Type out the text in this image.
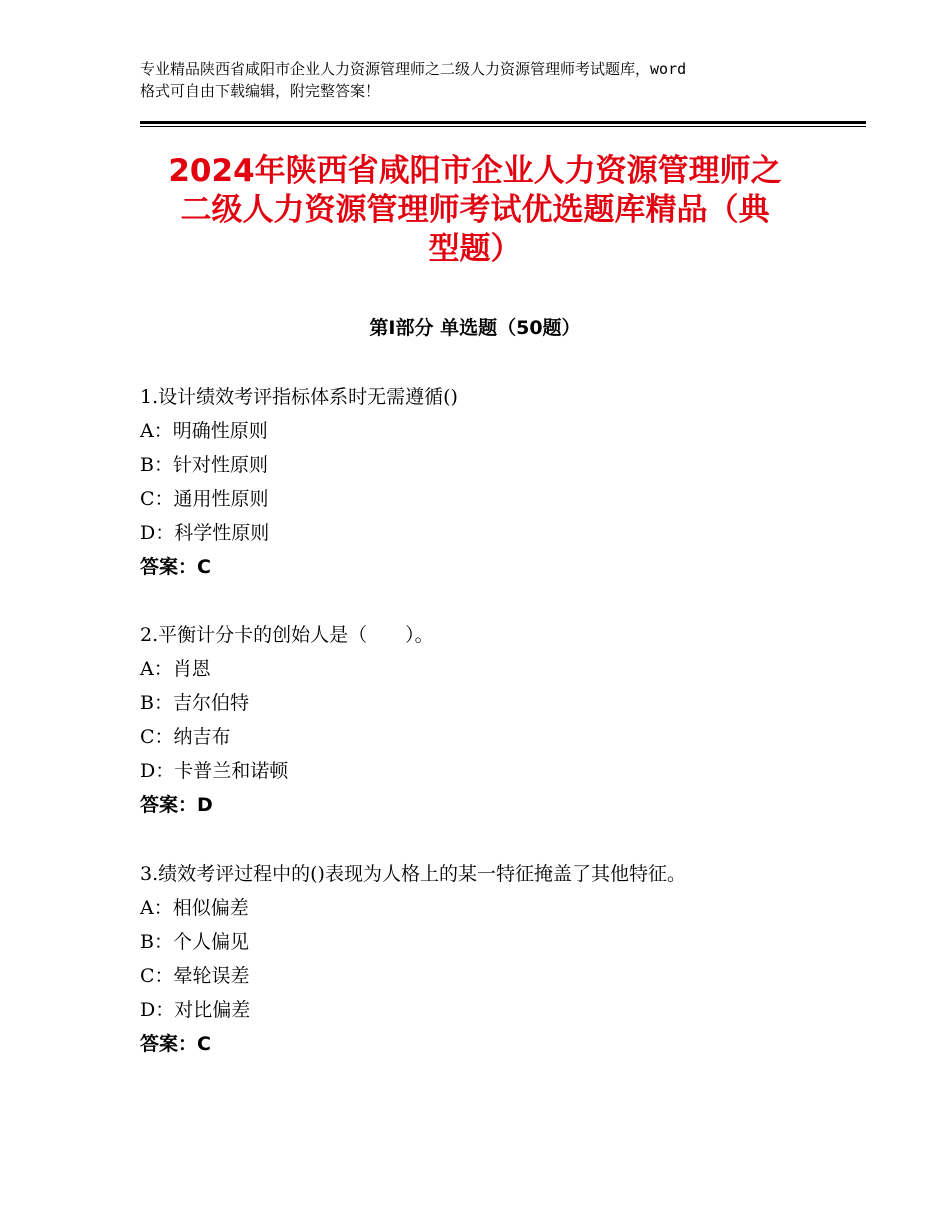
专业精品陕西省咸阳市企业人力资源管理师之二级人力资源管理师考试题库，word
格式可自由下载编辑，附完整答案！
2024年陕西省咸阳市企业人力资源管理师之
二级人力资源管理师考试优选题库精品（典
型题）
第Ⅰ部分 单选题（50题）
1.设计绩效考评指标体系时无需遵循()
A：明确性原则
B：针对性原则
C：通用性原则
D：科学性原则
答案：C
2.平衡计分卡的创始人是（　　）。
A：肖恩
B：吉尔伯特
C：纳吉布
D：卡普兰和诺顿
答案：D
3.绩效考评过程中的()表现为人格上的某一特征掩盖了其他特征。
A：相似偏差
B：个人偏见
C：晕轮误差
D：对比偏差
答案：C
